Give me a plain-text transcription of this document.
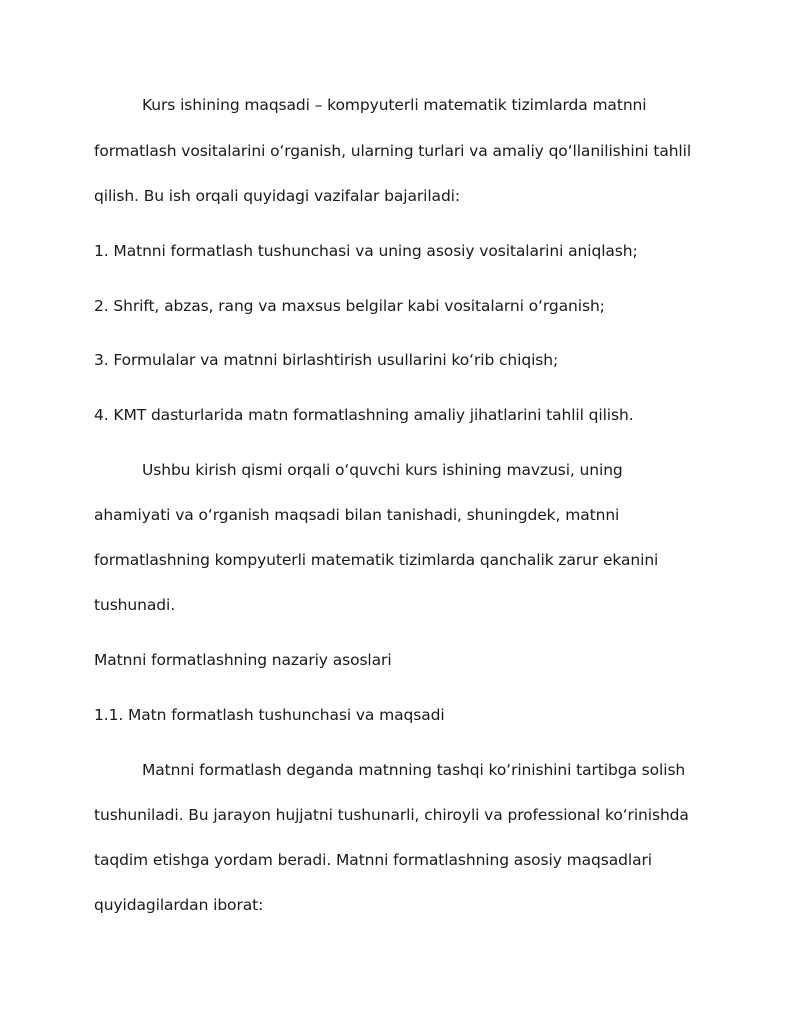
Kurs ishining maqsadi – kompyuterli matematik tizimlarda matnni
formatlash vositalarini oʻrganish, ularning turlari va amaliy qoʻllanilishini tahlil
qilish. Bu ish orqali quyidagi vazifalar bajariladi:
1. Matnni formatlash tushunchasi va uning asosiy vositalarini aniqlash;
2. Shrift, abzas, rang va maxsus belgilar kabi vositalarni oʻrganish;
3. Formulalar va matnni birlashtirish usullarini koʻrib chiqish;
4. KMT dasturlarida matn formatlashning amaliy jihatlarini tahlil qilish.
Ushbu kirish qismi orqali oʻquvchi kurs ishining mavzusi, uning
ahamiyati va oʻrganish maqsadi bilan tanishadi, shuningdek, matnni
formatlashning kompyuterli matematik tizimlarda qanchalik zarur ekanini
tushunadi.
Matnni formatlashning nazariy asoslari
1.1. Matn formatlash tushunchasi va maqsadi
Matnni formatlash deganda matnning tashqi koʻrinishini tartibga solish
tushuniladi. Bu jarayon hujjatni tushunarli, chiroyli va professional koʻrinishda
taqdim etishga yordam beradi. Matnni formatlashning asosiy maqsadlari
quyidagilardan iborat:
